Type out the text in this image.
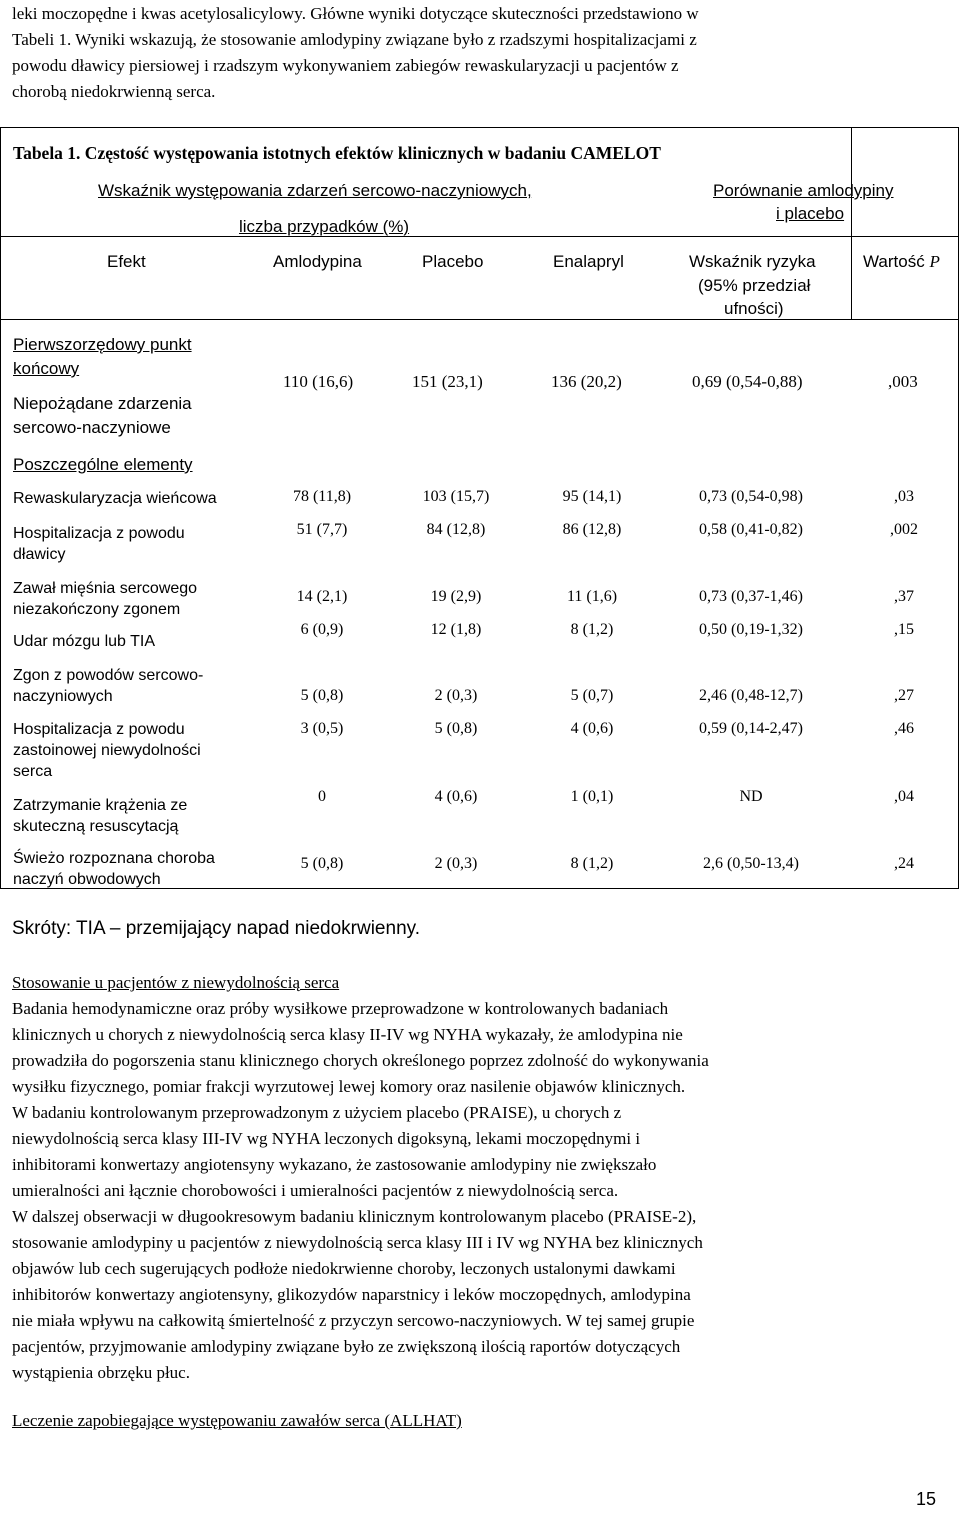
leki moczopędne i kwas acetylosalicylowy. Główne wyniki dotyczące skuteczności przedstawiono w
Tabeli 1. Wyniki wskazują, że stosowanie amlodypiny związane było z rzadszymi hospitalizacjami z
powodu dławicy piersiowej i rzadszym wykonywaniem zabiegów rewaskularyzacji u pacjentów z
chorobą niedokrwienną serca.
Tabela 1. Częstość występowania istotnych efektów klinicznych w badaniu CAMELOT
Wskaźnik występowania zdarzeń sercowo-naczyniowych,
liczba przypadków (%)
Porównanie amlodypiny
i placebo
Efekt	Amlodypina	Placebo	Enalapryl	Wskaźnik ryzyka
(95% przedział
ufności)
Wartość P
Pierwszorzędowy punkt
końcowy
Niepożądane zdarzenia
sercowo-naczyniowe
110 (16,6)	151 (23,1)	136 (20,2)	0,69 (0,54-0,88)	,003
Poszczególne elementy
Rewaskularyzacja wieńcowa	78 (11,8)	103 (15,7)	95 (14,1)	0,73 (0,54-0,98)	,03
Hospitalizacja z powodu dławicy
51 (7,7)	84 (12,8)	86 (12,8)	0,58 (0,41-0,82)	,002
Zawał mięśnia sercowego niezakończony zgonem
14 (2,1)	19 (2,9)	11 (1,6)	0,73 (0,37-1,46)	,37
Udar mózgu lub TIA
6 (0,9)	12 (1,8)	8 (1,2)	0,50 (0,19-1,32)	,15
Zgon z powodów sercowo-naczyniowych	5 (0,8)	2 (0,3)	5 (0,7)	2,46 (0,48-12,7)	,27
Hospitalizacja z powodu zastoinowej niewydolności serca
3 (0,5)	5 (0,8)	4 (0,6)	0,59 (0,14-2,47)	,46
Zatrzymanie krążenia ze skuteczną resuscytacją
0	4 (0,6)	1 (0,1)	ND	,04
Świeżo rozpoznana choroba naczyń obwodowych
5 (0,8)	2 (0,3)	8 (1,2)	2,6 (0,50-13,4)	,24
Skróty: TIA – przemijający napad niedokrwienny.
Stosowanie u pacjentów z niewydolnością serca

Badania hemodynamiczne oraz próby wysiłkowe przeprowadzone w kontrolowanych badaniach

klinicznych u chorych z niewydolnością serca klasy II-IV wg NYHA wykazały, że amlodypina nie

prowadziła do pogorszenia stanu klinicznego chorych określonego poprzez zdolność do wykonywania

wysiłku fizycznego, pomiar frakcji wyrzutowej lewej komory oraz nasilenie objawów klinicznych.

W badaniu kontrolowanym przeprowadzonym z użyciem placebo (PRAISE), u chorych z

niewydolnością serca klasy III-IV wg NYHA leczonych digoksyną, lekami moczopędnymi i

inhibitorami konwertazy angiotensyny wykazano, że zastosowanie amlodypiny nie zwiększało

umieralności ani łącznie chorobowości i umieralności pacjentów z niewydolnością serca.

W dalszej obserwacji w długookresowym badaniu klinicznym kontrolowanym placebo (PRAISE-2),

stosowanie amlodypiny u pacjentów z niewydolnością serca klasy III i IV wg NYHA bez klinicznych

objawów lub cech sugerujących podłoże niedokrwienne choroby, leczonych ustalonymi dawkami

inhibitorów konwertazy angiotensyny, glikozydów naparstnicy i leków moczopędnych, amlodypina

nie miała wpływu na całkowitą śmiertelność z przyczyn sercowo-naczyniowych. W tej samej grupie

pacjentów, przyjmowanie amlodypiny związane było ze zwiększoną ilością raportów dotyczących

wystąpienia obrzęku płuc.

Leczenie zapobiegające występowaniu zawałów serca (ALLHAT)
15
